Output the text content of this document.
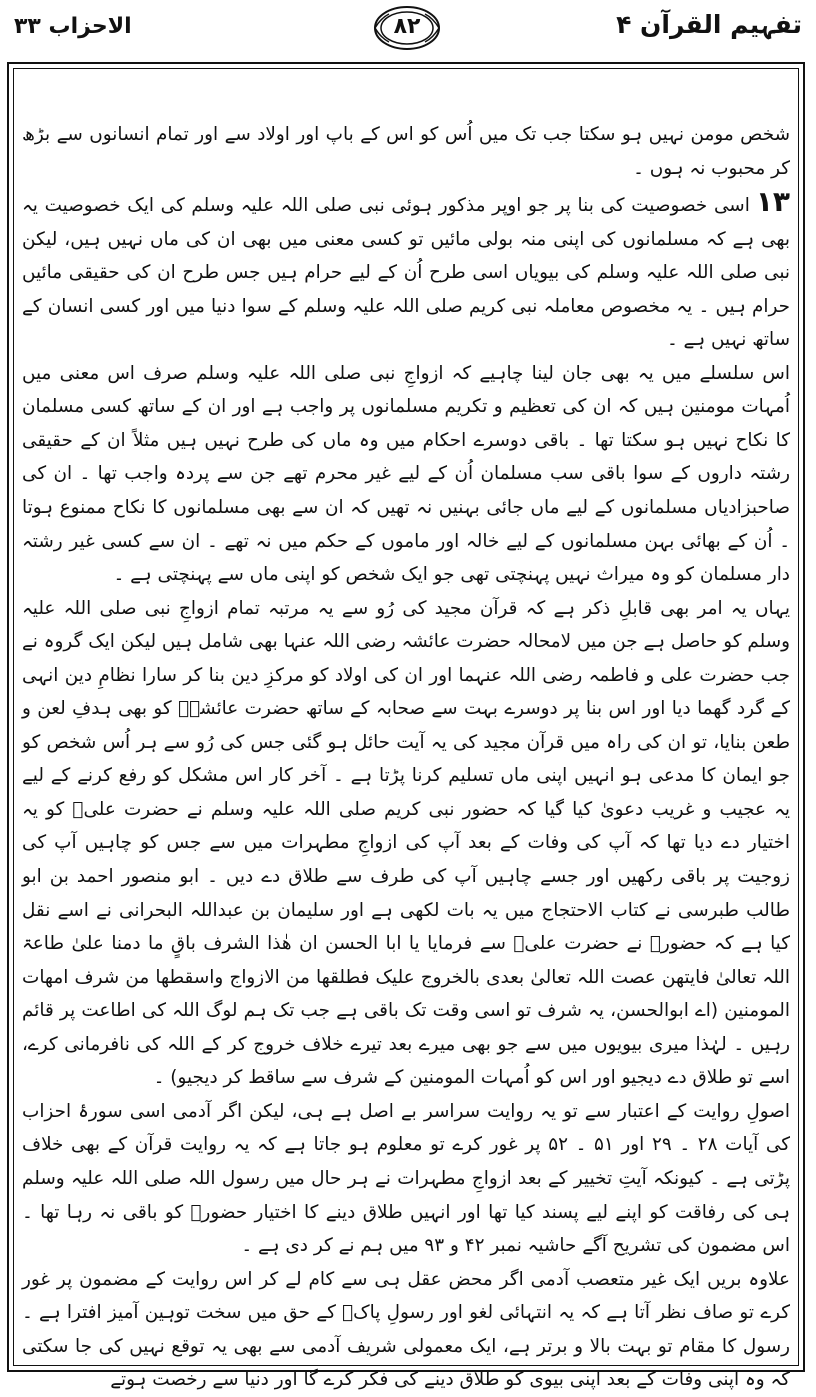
تفہیم القرآن ۴
۸۲
الاحزاب ۳۳

شخص مومن نہیں ہو سکتا جب تک میں اُس کو اس کے باپ اور اولاد سے اور تمام انسانوں سے بڑھ کر محبوب نہ ہوں ۔

۱۳اسی خصوصیت کی بنا پر جو اوپر مذکور ہوئی نبی صلی اللہ علیہ وسلم کی ایک خصوصیت یہ بھی ہے کہ مسلمانوں کی اپنی منہ بولی مائیں تو کسی معنی میں بھی ان کی ماں نہیں ہیں، لیکن نبی صلی اللہ علیہ وسلم کی بیویاں اسی طرح اُن کے لیے حرام ہیں جس طرح ان کی حقیقی مائیں حرام ہیں ۔ یہ مخصوص معاملہ نبی کریم صلی اللہ علیہ وسلم کے سوا دنیا میں اور کسی انسان کے ساتھ نہیں ہے ۔

اس سلسلے میں یہ بھی جان لینا چاہیے کہ ازواجِ نبی صلی اللہ علیہ وسلم صرف اس معنی میں اُمہات مومنین ہیں کہ ان کی تعظیم و تکریم مسلمانوں پر واجب ہے اور ان کے ساتھ کسی مسلمان کا نکاح نہیں ہو سکتا تھا ۔ باقی دوسرے احکام میں وہ ماں کی طرح نہیں ہیں مثلاً ان کے حقیقی رشتہ داروں کے سوا باقی سب مسلمان اُن کے لیے غیر محرم تھے جن سے پردہ واجب تھا ۔ ان کی صاحبزادیاں مسلمانوں کے لیے ماں جائی بہنیں نہ تھیں کہ ان سے بھی مسلمانوں کا نکاح ممنوع ہوتا ۔ اُن کے بھائی بہن مسلمانوں کے لیے خالہ اور ماموں کے حکم میں نہ تھے ۔ ان سے کسی غیر رشتہ دار مسلمان کو وہ میراث نہیں پہنچتی تھی جو ایک شخص کو اپنی ماں سے پہنچتی ہے ۔

یہاں یہ امر بھی قابلِ ذکر ہے کہ قرآن مجید کی رُو سے یہ مرتبہ تمام ازواجِ نبی صلی اللہ علیہ وسلم کو حاصل ہے جن میں لامحالہ حضرت عائشہ رضی اللہ عنہا بھی شامل ہیں لیکن ایک گروہ نے جب حضرت علی و فاطمہ رضی اللہ عنہما اور ان کی اولاد کو مرکزِ دین بنا کر سارا نظامِ دین انہی کے گرد گھما دیا اور اس بنا پر دوسرے بہت سے صحابہ کے ساتھ حضرت عائشہؓ کو بھی ہدفِ لعن و طعن بنایا، تو ان کی راہ میں قرآن مجید کی یہ آیت حائل ہو گئی جس کی رُو سے ہر اُس شخص کو جو ایمان کا مدعی ہو انہیں اپنی ماں تسلیم کرنا پڑتا ہے ۔ آخر کار اس مشکل کو رفع کرنے کے لیے یہ عجیب و غریب دعویٰ کیا گیا کہ حضور نبی کریم صلی اللہ علیہ وسلم نے حضرت علیؓ کو یہ اختیار دے دیا تھا کہ آپ کی وفات کے بعد آپ کی ازواجِ مطہرات میں سے جس کو چاہیں آپ کی زوجیت پر باقی رکھیں اور جسے چاہیں آپ کی طرف سے طلاق دے دیں ۔ ابو منصور احمد بن ابو طالب طبرسی نے کتاب الاحتجاج میں یہ بات لکھی ہے اور سلیمان بن عبداللہ البحرانی نے اسے نقل کیا ہے کہ حضورؐ نے حضرت علیؓ سے فرمایا یا ابا الحسن ان ھٰذا الشرف باقٍ ما دمنا علیٰ طاعۃ اللہ تعالیٰ فایتھن عصت اللہ تعالیٰ بعدی بالخروج علیک فطلقھا من الازواج واسقطھا من شرف امھات المومنین (اے ابوالحسن، یہ شرف تو اسی وقت تک باقی ہے جب تک ہم لوگ اللہ کی اطاعت پر قائم رہیں ۔ لہٰذا میری بیویوں میں سے جو بھی میرے بعد تیرے خلاف خروج کر کے اللہ کی نافرمانی کرے، اسے تو طلاق دے دیجیو اور اس کو اُمہات المومنین کے شرف سے ساقط کر دیجیو) ۔

اصولِ روایت کے اعتبار سے تو یہ روایت سراسر بے اصل ہے ہی، لیکن اگر آدمی اسی سورۂ احزاب کی آیات ۲۸ ۔ ۲۹ اور ۵۱ ۔ ۵۲ پر غور کرے تو معلوم ہو جاتا ہے کہ یہ روایت قرآن کے بھی خلاف پڑتی ہے ۔ کیونکہ آیتِ تخییر کے بعد ازواجِ مطہرات نے ہر حال میں رسول اللہ صلی اللہ علیہ وسلم ہی کی رفاقت کو اپنے لیے پسند کیا تھا اور انہیں طلاق دینے کا اختیار حضورؐ کو باقی نہ رہا تھا ۔ اس مضمون کی تشریح آگے حاشیہ نمبر ۴۲ و ۹۳ میں ہم نے کر دی ہے ۔

علاوہ بریں ایک غیر متعصب آدمی اگر محض عقل ہی سے کام لے کر اس روایت کے مضمون پر غور کرے تو صاف نظر آتا ہے کہ یہ انتہائی لغو اور رسولِ پاکؐ کے حق میں سخت توہین آمیز افترا ہے ۔ رسول کا مقام تو بہت بالا و برتر ہے، ایک معمولی شریف آدمی سے بھی یہ توقع نہیں کی جا سکتی کہ وہ اپنی وفات کے بعد اپنی بیوی کو طلاق دینے کی فکر کرے گا اور دنیا سے رخصت ہوتے
